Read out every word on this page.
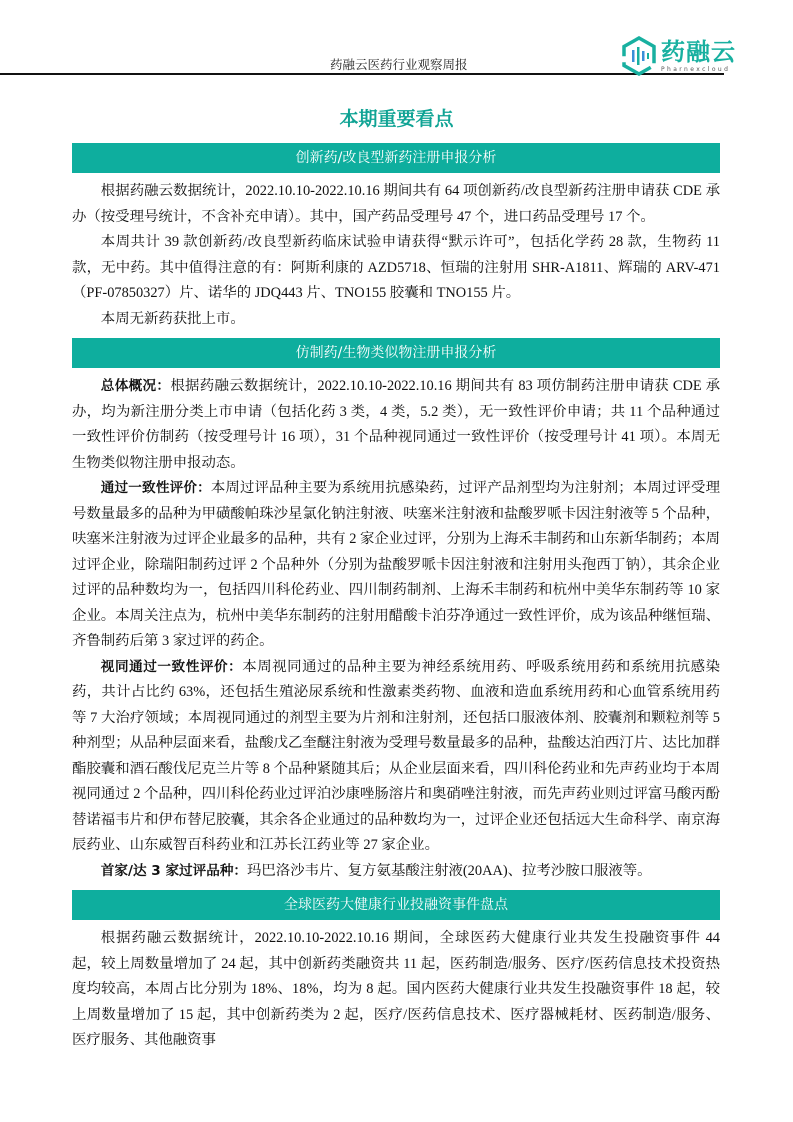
药融云医药行业观察周报	药融云
Pharnexcloud
本期重要看点
创新药/改良型新药注册申报分析

根据药融云数据统计，2022.10.10-2022.10.16 期间共有 64 项创新药/改良型新药注册申请获 CDE 承办（按受理号统计，不含补充申请）。其中，国产药品受理号 47 个，进口药品受理号 17 个。

本周共计 39 款创新药/改良型新药临床试验申请获得“默示许可”，包括化学药 28 款，生物药 11 款，无中药。其中值得注意的有：阿斯利康的 AZD5718、恒瑞的注射用 SHR-A1811、辉瑞的 ARV-471（PF-07850327）片、诺华的 JDQ443 片、TNO155 胶囊和 TNO155 片。

本周无新药获批上市。

仿制药/生物类似物注册申报分析

总体概况：根据药融云数据统计，2022.10.10-2022.10.16 期间共有 83 项仿制药注册申请获 CDE 承办，均为新注册分类上市申请（包括化药 3 类，4 类，5.2 类），无一致性评价申请；共 11 个品种通过一致性评价仿制药（按受理号计 16 项），31 个品种视同通过一致性评价（按受理号计 41 项）。本周无生物类似物注册申报动态。

通过一致性评价：本周过评品种主要为系统用抗感染药，过评产品剂型均为注射剂；本周过评受理号数量最多的品种为甲磺酸帕珠沙星氯化钠注射液、呋塞米注射液和盐酸罗哌卡因注射液等 5 个品种，呋塞米注射液为过评企业最多的品种，共有 2 家企业过评，分别为上海禾丰制药和山东新华制药；本周过评企业，除瑞阳制药过评 2 个品种外（分别为盐酸罗哌卡因注射液和注射用头孢西丁钠），其余企业过评的品种数均为一，包括四川科伦药业、四川制药制剂、上海禾丰制药和杭州中美华东制药等 10 家企业。本周关注点为，杭州中美华东制药的注射用醋酸卡泊芬净通过一致性评价，成为该品种继恒瑞、齐鲁制药后第 3 家过评的药企。

视同通过一致性评价：本周视同通过的品种主要为神经系统用药、呼吸系统用药和系统用抗感染药，共计占比约 63%，还包括生殖泌尿系统和性激素类药物、血液和造血系统用药和心血管系统用药等 7 大治疗领域；本周视同通过的剂型主要为片剂和注射剂，还包括口服液体剂、胶囊剂和颗粒剂等 5 种剂型；从品种层面来看，盐酸戊乙奎醚注射液为受理号数量最多的品种，盐酸达泊西汀片、达比加群酯胶囊和酒石酸伐尼克兰片等 8 个品种紧随其后；从企业层面来看，四川科伦药业和先声药业均于本周视同通过 2 个品种，四川科伦药业过评泊沙康唑肠溶片和奥硝唑注射液，而先声药业则过评富马酸丙酚替诺福韦片和伊布替尼胶囊，其余各企业通过的品种数均为一，过评企业还包括远大生命科学、南京海辰药业、山东威智百科药业和江苏长江药业等 27 家企业。

首家/达 3 家过评品种：玛巴洛沙韦片、复方氨基酸注射液(20AA)、拉考沙胺口服液等。

全球医药大健康行业投融资事件盘点

根据药融云数据统计，2022.10.10-2022.10.16 期间，全球医药大健康行业共发生投融资事件 44 起，较上周数量增加了 24 起，其中创新药类融资共 11 起，医药制造/服务、医疗/医药信息技术投资热度均较高，本周占比分别为 18%、18%，均为 8 起。国内医药大健康行业共发生投融资事件 18 起，较上周数量增加了 15 起，其中创新药类为 2 起，医疗/医药信息技术、医疗器械耗材、医药制造/服务、医疗服务、其他融资事
